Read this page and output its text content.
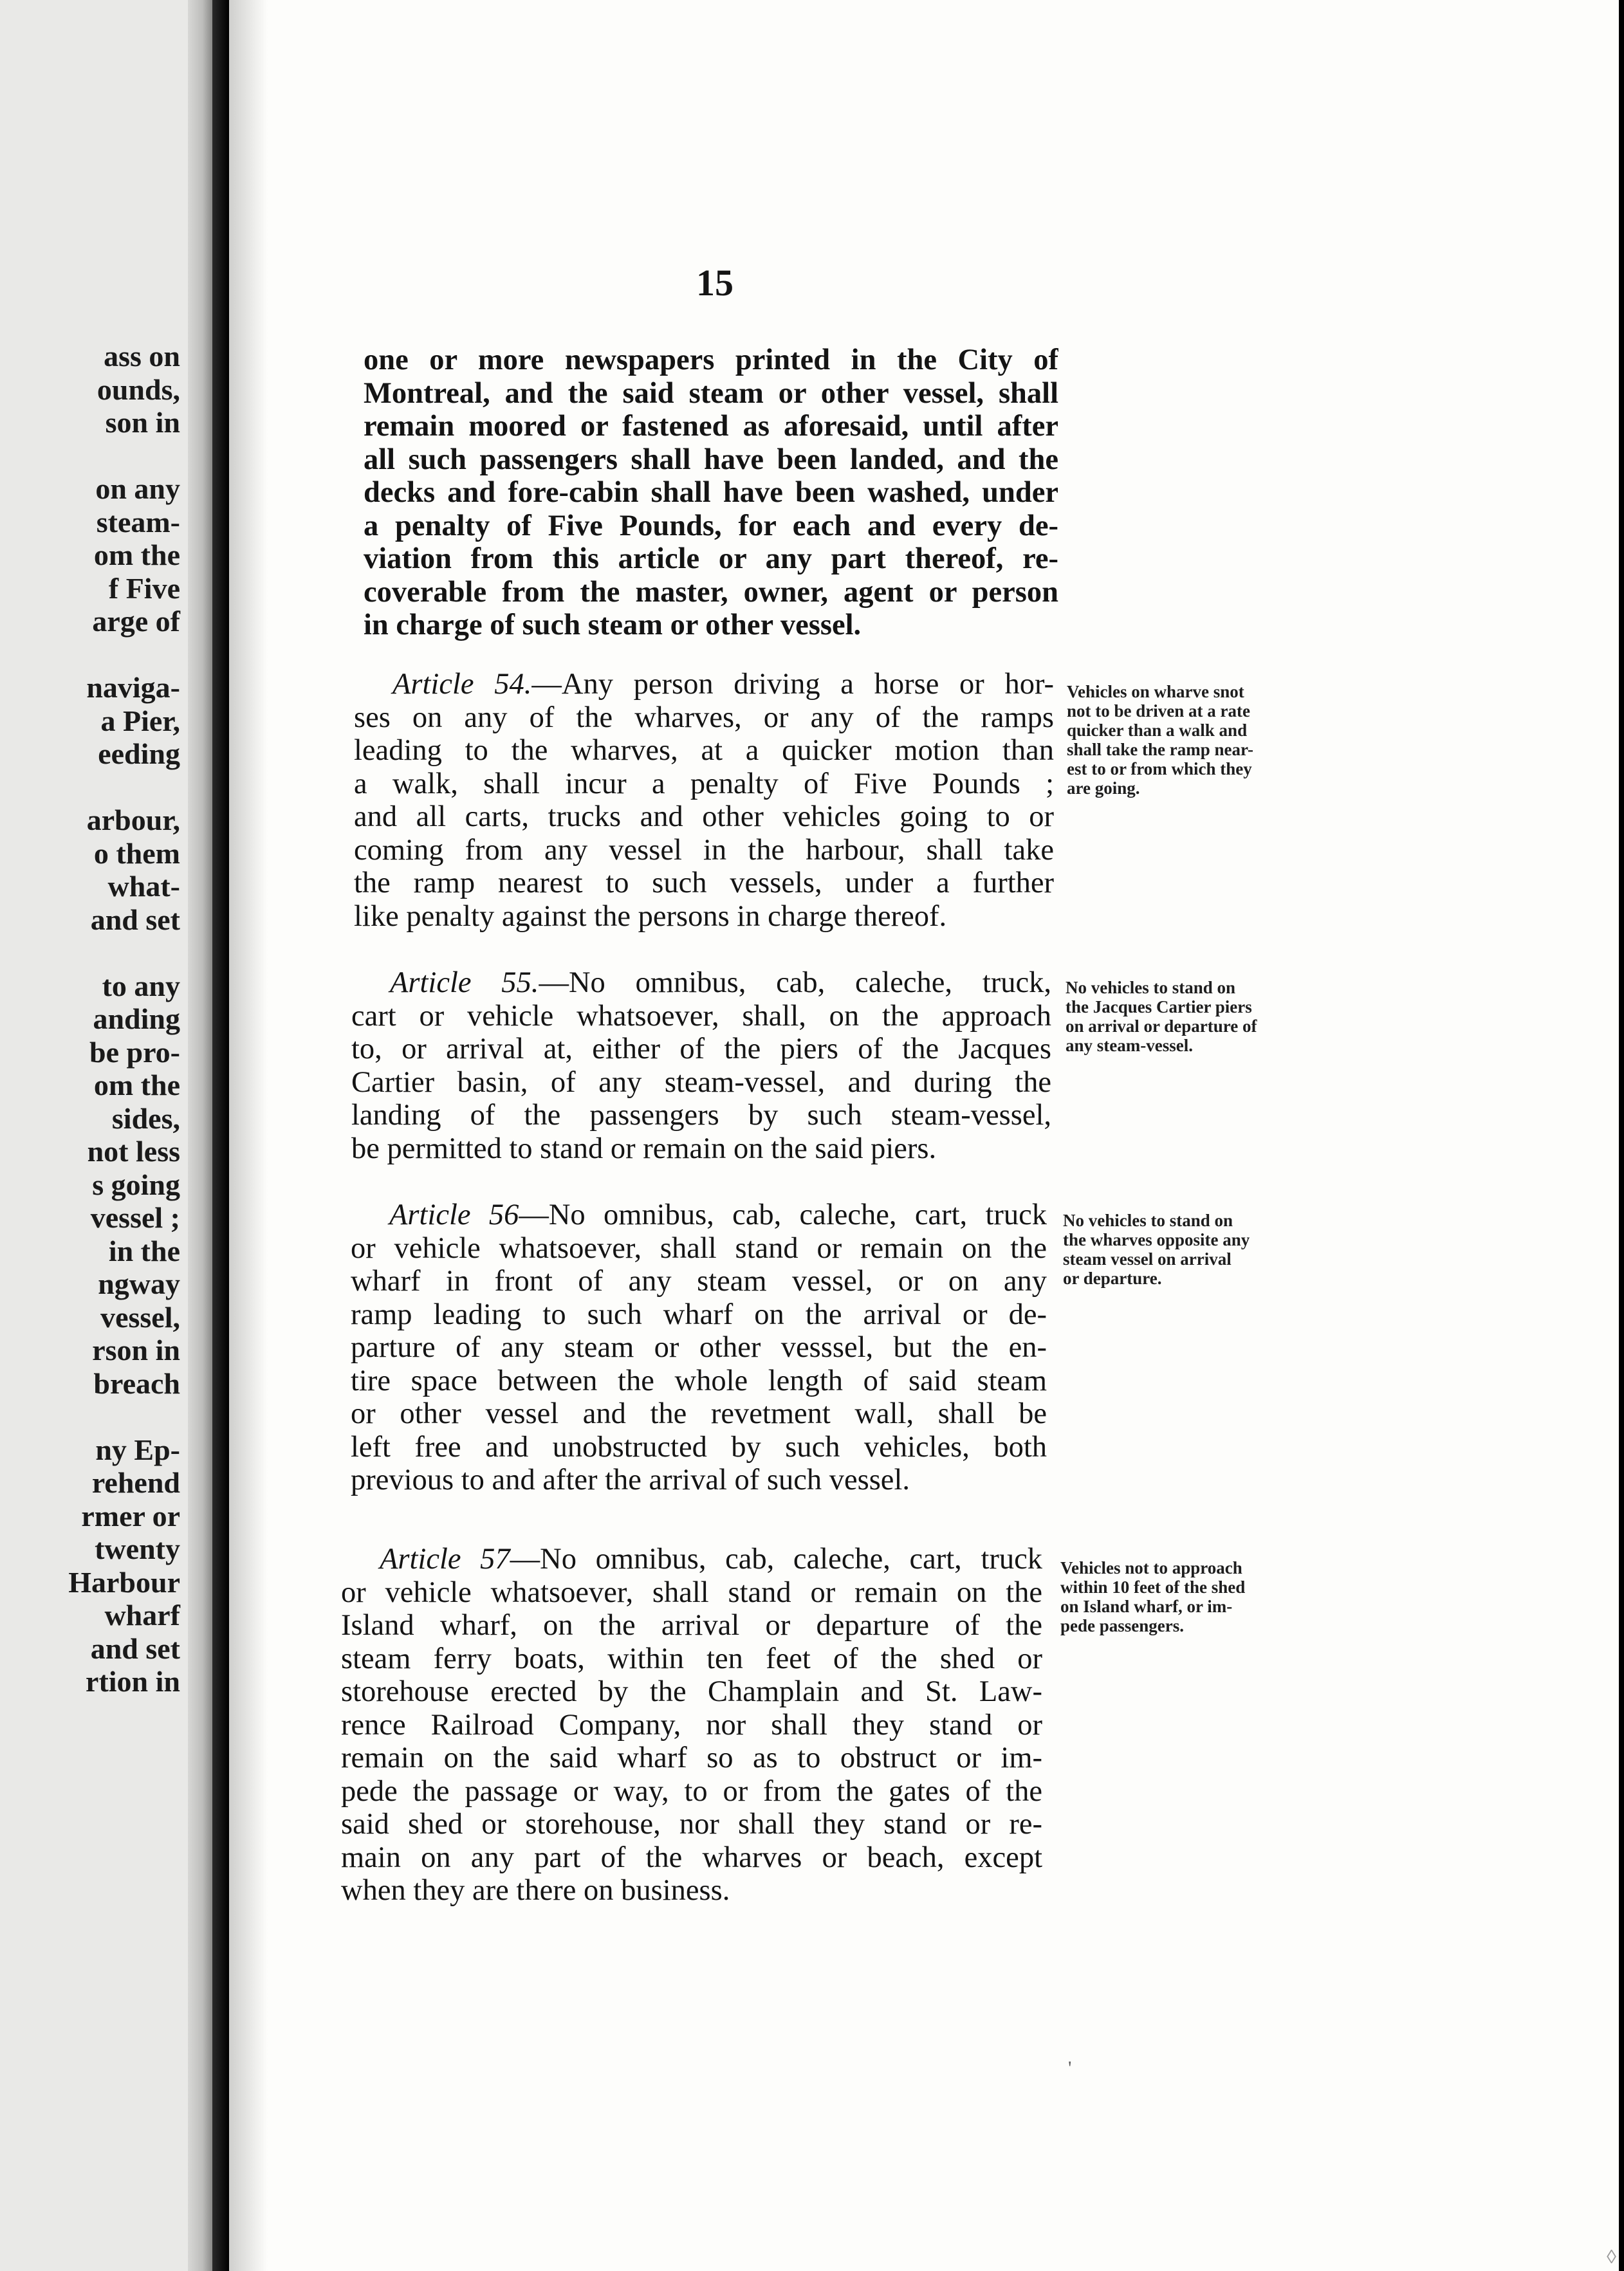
ass on
ounds,
son in
on any
steam-
om the
f Five
arge of
naviga-
a Pier,
eeding
arbour,
o them
what-
and set
to any
anding
be pro-
om the
sides,
not less
s going
vessel ;
in the
ngway
vessel,
rson in
breach
ny Ep-
rehend
rmer or
twenty
Harbour
wharf
and set
rtion in
15
one or more newspapers printed in the City of
Montreal, and the said steam or other vessel, shall
remain moored or fastened as aforesaid, until after
all such passengers shall have been landed, and the
decks and fore-cabin shall have been washed, under
a penalty of Five Pounds, for each and every de-
viation from this article or any part thereof, re-
coverable from the master, owner, agent or person
in charge of such steam or other vessel.
Article 54.—Any person driving a horse or hor-
ses on any of the wharves, or any of the ramps
leading to the wharves, at a quicker motion than
a walk, shall incur a penalty of Five Pounds ;
and all carts, trucks and other vehicles going to or
coming from any vessel in the harbour, shall take
the ramp nearest to such vessels, under a further
like penalty against the persons in charge thereof.
Vehicles on wharve snot
not to be driven at a rate
quicker than a walk and
shall take the ramp near-
est to or from which they
are going.
Article 55.—No omnibus, cab, caleche, truck,
cart or vehicle whatsoever, shall, on the approach
to, or arrival at, either of the piers of the Jacques
Cartier basin, of any steam-vessel, and during the
landing of the passengers by such steam-vessel,
be permitted to stand or remain on the said piers.
No vehicles to stand on
the Jacques Cartier piers
on arrival or departure of
any steam-vessel.
Article 56—No omnibus, cab, caleche, cart, truck
or vehicle whatsoever, shall stand or remain on the
wharf in front of any steam vessel, or on any
ramp leading to such wharf on the arrival or de-
parture of any steam or other vesssel, but the en-
tire space between the whole length of said steam
or other vessel and the revetment wall, shall be
left free and unobstructed by such vehicles, both
previous to and after the arrival of such vessel.
No vehicles to stand on
the wharves opposite any
steam vessel on arrival
or departure.
Article 57—No omnibus, cab, caleche, cart, truck
or vehicle whatsoever, shall stand or remain on the
Island wharf, on the arrival or departure of the
steam ferry boats, within ten feet of the shed or
storehouse erected by the Champlain and St. Law-
rence Railroad Company, nor shall they stand or
remain on the said wharf so as to obstruct or im-
pede the passage or way, to or from the gates of the
said shed or storehouse, nor shall they stand or re-
main on any part of the wharves or beach, except
when they are there on business.
Vehicles not to approach
within 10 feet of the shed
on Island wharf, or im-
pede passengers.
'
◊
